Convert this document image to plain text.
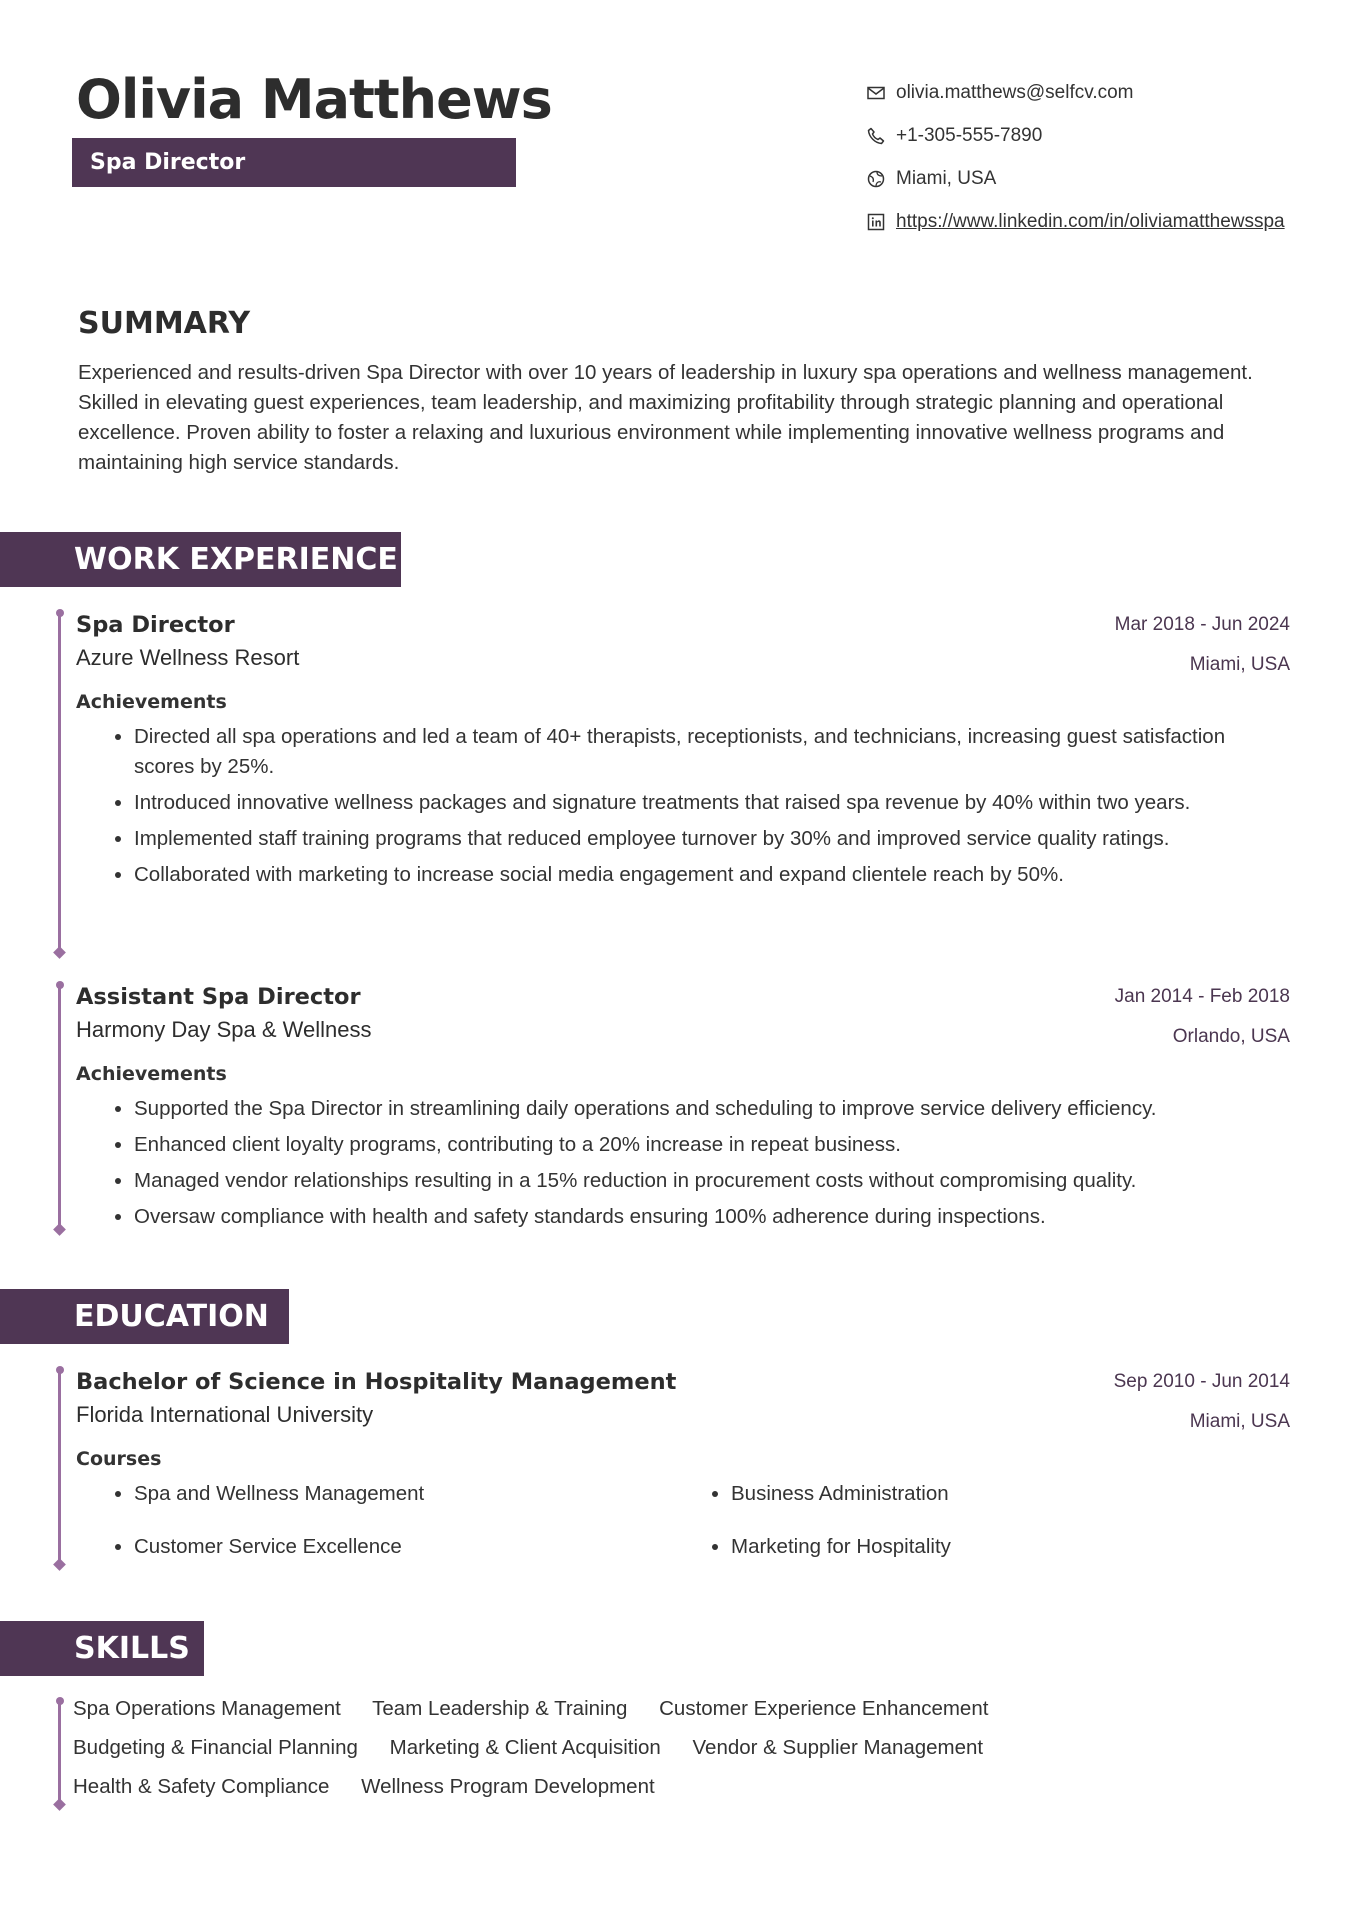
Olivia Matthews
Spa Director
olivia.matthews@selfcv.com
+1-305-555-7890
Miami, USA
https://www.linkedin.com/in/oliviamatthewsspa
SUMMARY

Experienced and results-driven Spa Director with over 10 years of leadership in luxury spa operations and wellness management. Skilled in elevating guest experiences, team leadership, and maximizing profitability through strategic planning and operational excellence. Proven ability to foster a relaxing and luxurious environment while implementing innovative wellness programs and maintaining high service standards.

WORK EXPERIENCE
Spa Director
Azure Wellness Resort
Mar 2018 - Jun 2024
Miami, USA
Achievements
• Directed all spa operations and led a team of 40+ therapists, receptionists, and technicians, increasing guest satisfaction scores by 25%.
• Introduced innovative wellness packages and signature treatments that raised spa revenue by 40% within two years.
• Implemented staff training programs that reduced employee turnover by 30% and improved service quality ratings.
• Collaborated with marketing to increase social media engagement and expand clientele reach by 50%.
Assistant Spa Director
Harmony Day Spa & Wellness
Jan 2014 - Feb 2018
Orlando, USA
Achievements
• Supported the Spa Director in streamlining daily operations and scheduling to improve service delivery efficiency.
• Enhanced client loyalty programs, contributing to a 20% increase in repeat business.
• Managed vendor relationships resulting in a 15% reduction in procurement costs without compromising quality.
• Oversaw compliance with health and safety standards ensuring 100% adherence during inspections.
EDUCATION
Bachelor of Science in Hospitality Management
Florida International University
Sep 2010 - Jun 2014
Miami, USA
Courses
• Spa and Wellness Management
• Customer Service Excellence
• Business Administration
• Marketing for Hospitality
SKILLS
Spa Operations Management Team Leadership & Training Customer Experience Enhancement
Budgeting & Financial Planning Marketing & Client Acquisition Vendor & Supplier Management
Health & Safety Compliance Wellness Program Development
